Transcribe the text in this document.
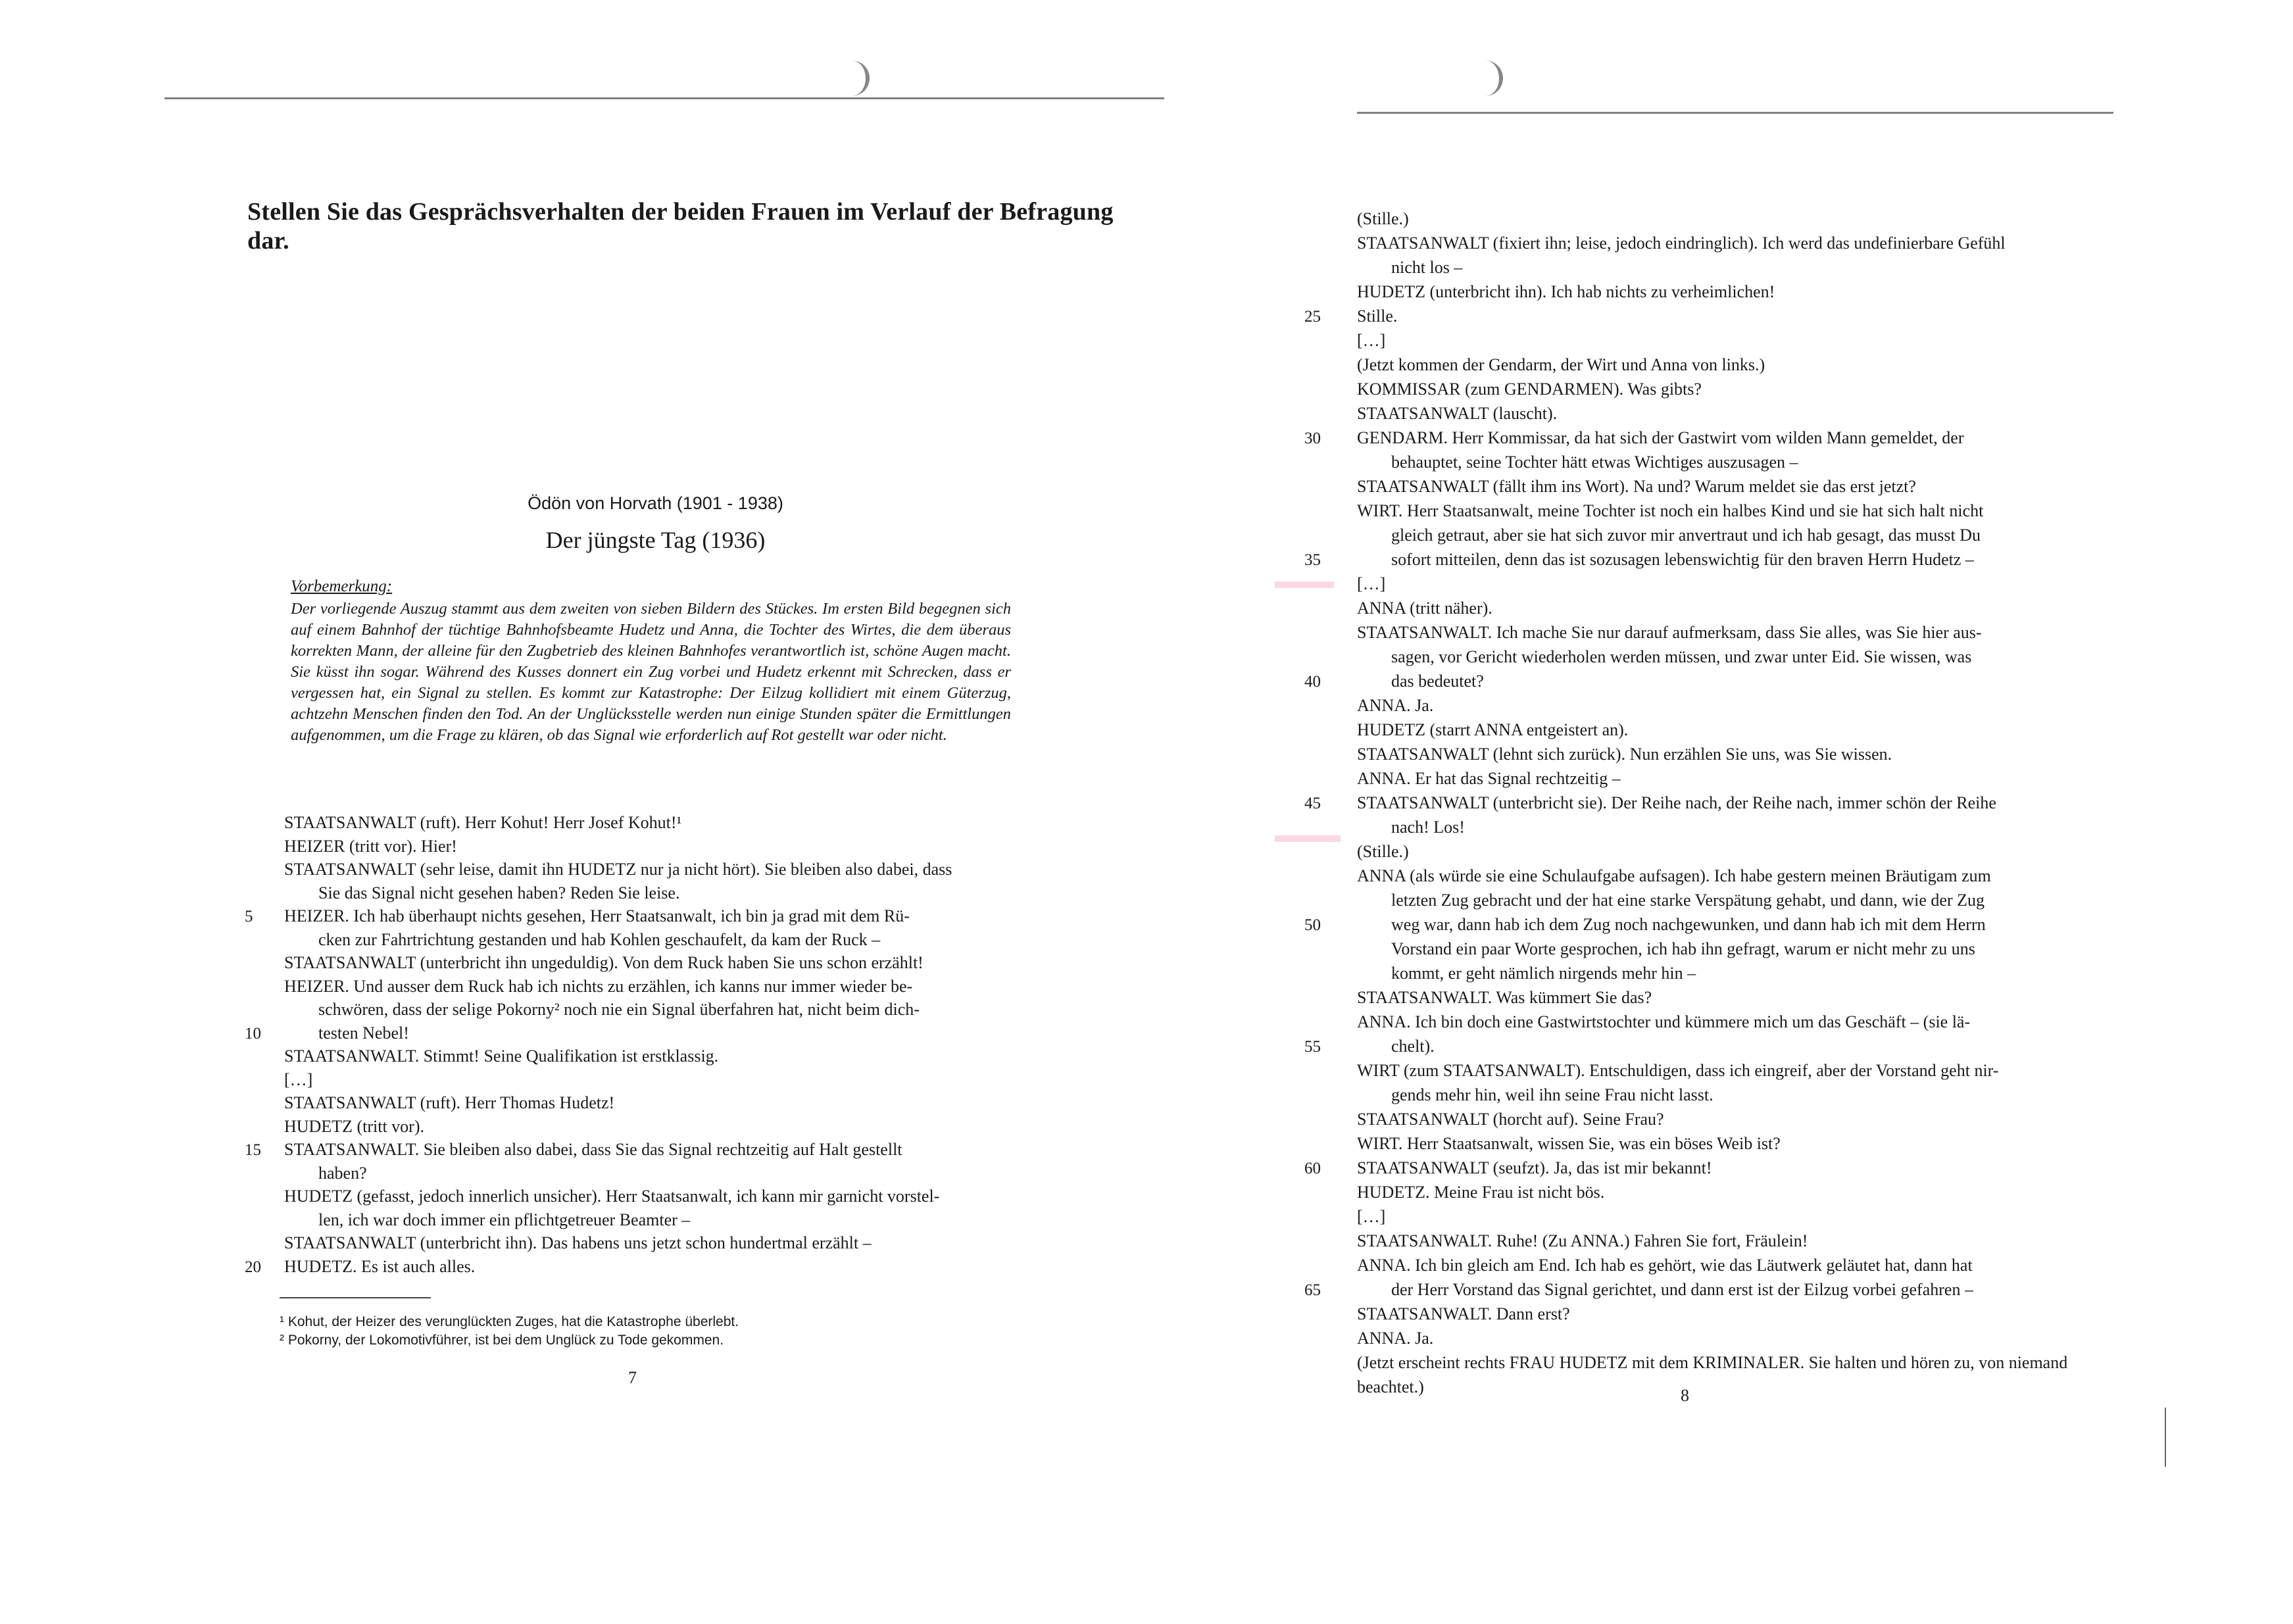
Stellen Sie das Gesprächsverhalten der beiden Frauen im Verlauf der Befragung dar.
Ödön von Horvath (1901 - 1938)
Der jüngste Tag (1936)
Vorbemerkung:
Der vorliegende Auszug stammt aus dem zweiten von sieben Bildern des Stückes. Im ersten Bild begegnen sich auf einem Bahnhof der tüchtige Bahnhofsbeamte Hudetz und Anna, die Tochter des Wirtes, die dem überaus korrekten Mann, der alleine für den Zugbetrieb des kleinen Bahnhofes verantwortlich ist, schöne Augen macht. Sie küsst ihn sogar. Während des Kusses donnert ein Zug vorbei und Hudetz erkennt mit Schrecken, dass er vergessen hat, ein Signal zu stellen. Es kommt zur Katastrophe: Der Eilzug kollidiert mit einem Güterzug, achtzehn Menschen finden den Tod. An der Unglücksstelle werden nun einige Stunden später die Ermittlungen aufgenommen, um die Frage zu klären, ob das Signal wie erforderlich auf Rot gestellt war oder nicht.
STAATSANWALT (ruft). Herr Kohut! Herr Josef Kohut!¹
HEIZER (tritt vor). Hier!
STAATSANWALT (sehr leise, damit ihn HUDETZ nur ja nicht hört). Sie bleiben also dabei, dass
Sie das Signal nicht gesehen haben? Reden Sie leise.
HEIZER. Ich hab überhaupt nichts gesehen, Herr Staatsanwalt, ich bin ja grad mit dem Rü-
5
cken zur Fahrtrichtung gestanden und hab Kohlen geschaufelt, da kam der Ruck –
STAATSANWALT (unterbricht ihn ungeduldig). Von dem Ruck haben Sie uns schon erzählt!
HEIZER. Und ausser dem Ruck hab ich nichts zu erzählen, ich kanns nur immer wieder be-
schwören, dass der selige Pokorny² noch nie ein Signal überfahren hat, nicht beim dich-
testen Nebel!
10
STAATSANWALT. Stimmt! Seine Qualifikation ist erstklassig.
[…]
STAATSANWALT (ruft). Herr Thomas Hudetz!
HUDETZ (tritt vor).
STAATSANWALT. Sie bleiben also dabei, dass Sie das Signal rechtzeitig auf Halt gestellt
15
haben?
HUDETZ (gefasst, jedoch innerlich unsicher). Herr Staatsanwalt, ich kann mir garnicht vorstel-
len, ich war doch immer ein pflichtgetreuer Beamter –
STAATSANWALT (unterbricht ihn). Das habens uns jetzt schon hundertmal erzählt –
HUDETZ. Es ist auch alles.
20
¹ Kohut, der Heizer des verunglückten Zuges, hat die Katastrophe überlebt.
² Pokorny, der Lokomotivführer, ist bei dem Unglück zu Tode gekommen.
7
(Stille.)
STAATSANWALT (fixiert ihn; leise, jedoch eindringlich). Ich werd das undefinierbare Gefühl
nicht los –
HUDETZ (unterbricht ihn). Ich hab nichts zu verheimlichen!
Stille.
25
[…]
(Jetzt kommen der Gendarm, der Wirt und Anna von links.)
KOMMISSAR (zum GENDARMEN). Was gibts?
STAATSANWALT (lauscht).
GENDARM. Herr Kommissar, da hat sich der Gastwirt vom wilden Mann gemeldet, der
30
behauptet, seine Tochter hätt etwas Wichtiges auszusagen –
STAATSANWALT (fällt ihm ins Wort). Na und? Warum meldet sie das erst jetzt?
WIRT. Herr Staatsanwalt, meine Tochter ist noch ein halbes Kind und sie hat sich halt nicht
gleich getraut, aber sie hat sich zuvor mir anvertraut und ich hab gesagt, das musst Du
sofort mitteilen, denn das ist sozusagen lebenswichtig für den braven Herrn Hudetz –
35
[…]
ANNA (tritt näher).
STAATSANWALT. Ich mache Sie nur darauf aufmerksam, dass Sie alles, was Sie hier aus-
sagen, vor Gericht wiederholen werden müssen, und zwar unter Eid. Sie wissen, was
das bedeutet?
40
ANNA. Ja.
HUDETZ (starrt ANNA entgeistert an).
STAATSANWALT (lehnt sich zurück). Nun erzählen Sie uns, was Sie wissen.
ANNA. Er hat das Signal rechtzeitig –
STAATSANWALT (unterbricht sie). Der Reihe nach, der Reihe nach, immer schön der Reihe
45
nach! Los!
(Stille.)
ANNA (als würde sie eine Schulaufgabe aufsagen). Ich habe gestern meinen Bräutigam zum
letzten Zug gebracht und der hat eine starke Verspätung gehabt, und dann, wie der Zug
weg war, dann hab ich dem Zug noch nachgewunken, und dann hab ich mit dem Herrn
50
Vorstand ein paar Worte gesprochen, ich hab ihn gefragt, warum er nicht mehr zu uns
kommt, er geht nämlich nirgends mehr hin –
STAATSANWALT. Was kümmert Sie das?
ANNA. Ich bin doch eine Gastwirtstochter und kümmere mich um das Geschäft – (sie lä-
chelt).
55
WIRT (zum STAATSANWALT). Entschuldigen, dass ich eingreif, aber der Vorstand geht nir-
gends mehr hin, weil ihn seine Frau nicht lasst.
STAATSANWALT (horcht auf). Seine Frau?
WIRT. Herr Staatsanwalt, wissen Sie, was ein böses Weib ist?
STAATSANWALT (seufzt). Ja, das ist mir bekannt!
60
HUDETZ. Meine Frau ist nicht bös.
[…]
STAATSANWALT. Ruhe! (Zu ANNA.) Fahren Sie fort, Fräulein!
ANNA. Ich bin gleich am End. Ich hab es gehört, wie das Läutwerk geläutet hat, dann hat
der Herr Vorstand das Signal gerichtet, und dann erst ist der Eilzug vorbei gefahren –
65
STAATSANWALT. Dann erst?
ANNA. Ja.
(Jetzt erscheint rechts FRAU HUDETZ mit dem KRIMINALER. Sie halten und hören zu, von niemand
beachtet.)	8
